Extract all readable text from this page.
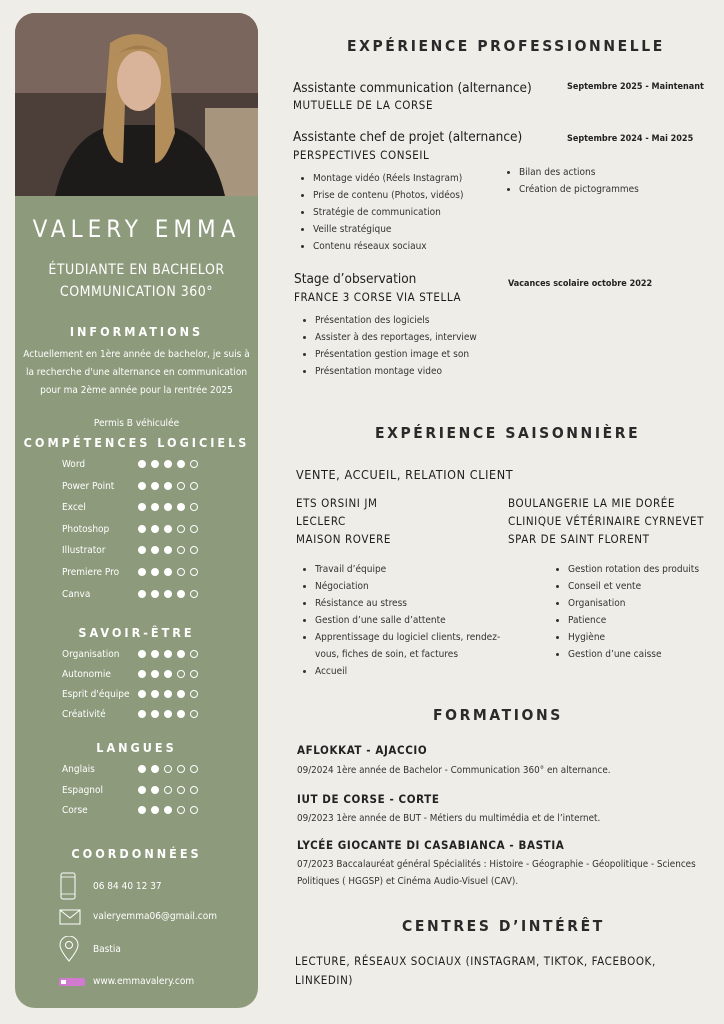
VALERY EMMA
ÉTUDIANTE EN BACHELOR
COMMUNICATION 360°
INFORMATIONS
Actuellement en 1ère année de bachelor, je suis à la recherche d'une alternance en communication pour ma 2ème année pour la rentrée 2025
Permis B véhiculée
COMPÉTENCES LOGICIELS
Word
Power Point
Excel
Photoshop
Illustrator
Premiere Pro
Canva
SAVOIR-ÊTRE
Organisation
Autonomie
Esprit d'équipe
Créativité
LANGUES
Anglais
Espagnol
Corse
COORDONNÉES
06 84 40 12 37
valeryemma06@gmail.com
Bastia
www.emmavalery.com
EXPÉRIENCE PROFESSIONNELLE
Assistante communication (alternance)	Septembre 2025 - Maintenant
MUTUELLE DE LA CORSE
Assistante chef de projet (alternance)	Septembre 2024 - Mai 2025
PERSPECTIVES CONSEIL
• Montage vidéo (Réels Instagram)
• Prise de contenu (Photos, vidéos)
• Stratégie de communication
• Veille stratégique
• Contenu réseaux sociaux
• Bilan des actions
• Création de pictogrammes
Stage d’observation	Vacances scolaire octobre 2022
FRANCE 3 CORSE VIA STELLA
• Présentation des logiciels
• Assister à des reportages, interview
• Présentation gestion image et son
• Présentation montage video
EXPÉRIENCE SAISONNIÈRE
VENTE, ACCUEIL, RELATION CLIENT
ETS ORSINI JM
LECLERC
MAISON ROVERE
BOULANGERIE LA MIE DORÉE
CLINIQUE VÉTÉRINAIRE CYRNEVET
SPAR DE SAINT FLORENT
• Travail d’équipe
• Négociation
• Résistance au stress
• Gestion d’une salle d’attente
• Apprentissage du logiciel clients, rendez-vous, fiches de soin, et factures
• Accueil
• Gestion rotation des produits
• Conseil et vente
• Organisation
• Patience
• Hygiène
• Gestion d’une caisse
FORMATIONS
AFLOKKAT - AJACCIO
09/2024 1ère année de Bachelor - Communication 360° en alternance.
IUT DE CORSE - CORTE
09/2023 1ère année de BUT - Métiers du multimédia et de l’internet.
LYCÉE GIOCANTE DI CASABIANCA - BASTIA
07/2023 Baccalauréat général Spécialités : Histoire - Géographie - Géopolitique - Sciences Politiques ( HGGSP) et Cinéma Audio-Visuel (CAV).
CENTRES D’INTÉRÊT
LECTURE, RÉSEAUX SOCIAUX (INSTAGRAM, TIKTOK, FACEBOOK, LINKEDIN)
